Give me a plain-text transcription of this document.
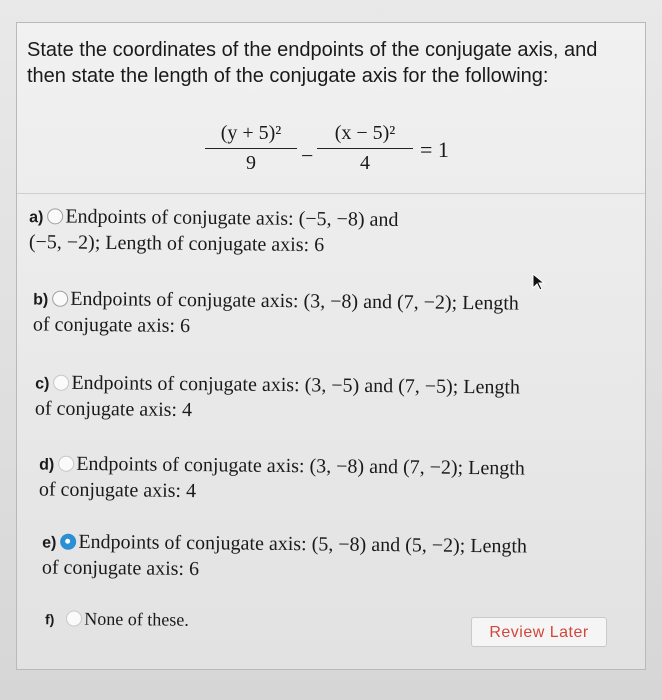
State the coordinates of the endpoints of the conjugate axis, and
then state the length of the conjugate axis for the following:
(y + 5)²
9	−
(x − 5)²
4
= 1
a) Endpoints of conjugate axis: (−5, −8) and
(−5, −2); Length of conjugate axis: 6
b) Endpoints of conjugate axis: (3, −8) and (7, −2); Length
of conjugate axis: 6
c) Endpoints of conjugate axis: (3, −5) and (7, −5); Length
of conjugate axis: 4
d) Endpoints of conjugate axis: (3, −8) and (7, −2); Length
of conjugate axis: 4
e) Endpoints of conjugate axis: (5, −8) and (5, −2); Length
of conjugate axis: 6
f) None of these.
Review Later
